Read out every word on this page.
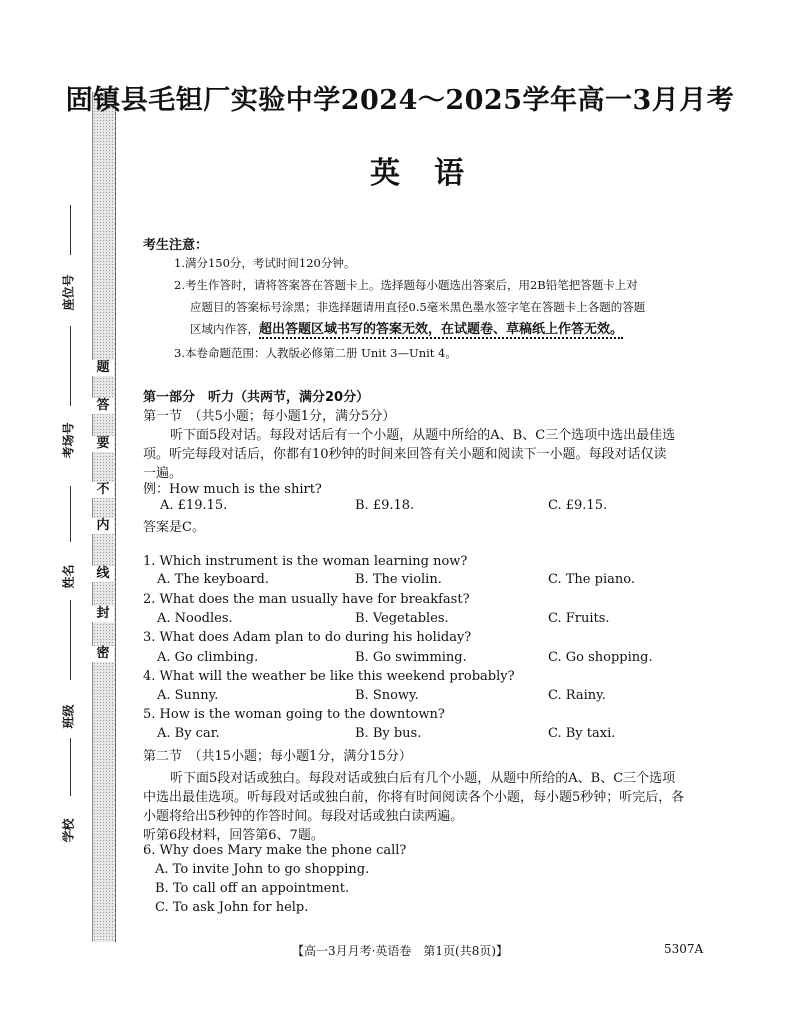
题
答
要
不
内
线
封
密
座位号
考场号
姓名
班级
学校
固镇县毛钽厂实验中学2024～2025学年高一3月月考
英语
考生注意：
1.满分150分，考试时间120分钟。
2.考生作答时，请将答案答在答题卡上。选择题每小题选出答案后，用2B铅笔把答题卡上对
应题目的答案标号涂黑；非选择题请用直径0.5毫米黑色墨水签字笔在答题卡上各题的答题
区域内作答，超出答题区域书写的答案无效，在试题卷、草稿纸上作答无效。
3.本卷命题范围：人教版必修第二册 Unit 3—Unit 4。
第一部分　听力（共两节，满分20分）
第一节　（共5小题；每小题1分，满分5分）
听下面5段对话。每段对话后有一个小题，从题中所给的A、B、C三个选项中选出最佳选
项。听完每段对话后，你都有10秒钟的时间来回答有关小题和阅读下一小题。每段对话仅读
一遍。
例：How much is the shirt?
A. £19.15.	B. £9.18.	C. £9.15.
答案是C。
1. Which instrument is the woman learning now?
A. The keyboard.	B. The violin.	C. The piano.
2. What does the man usually have for breakfast?
A. Noodles.	B. Vegetables.	C. Fruits.
3. What does Adam plan to do during his holiday?
A. Go climbing.	B. Go swimming.	C. Go shopping.
4. What will the weather be like this weekend probably?
A. Sunny.	B. Snowy.	C. Rainy.
5. How is the woman going to the downtown?
A. By car.	B. By bus.	C. By taxi.
第二节　（共15小题；每小题1分，满分15分）
听下面5段对话或独白。每段对话或独白后有几个小题，从题中所给的A、B、C三个选项
中选出最佳选项。听每段对话或独白前，你将有时间阅读各个小题，每小题5秒钟；听完后，各
小题将给出5秒钟的作答时间。每段对话或独白读两遍。
听第6段材料，回答第6、7题。
6. Why does Mary make the phone call?
A. To invite John to go shopping.
B. To call off an appointment.
C. To ask John for help.
【高一3月月考·英语卷　第1页(共8页)】	5307A
